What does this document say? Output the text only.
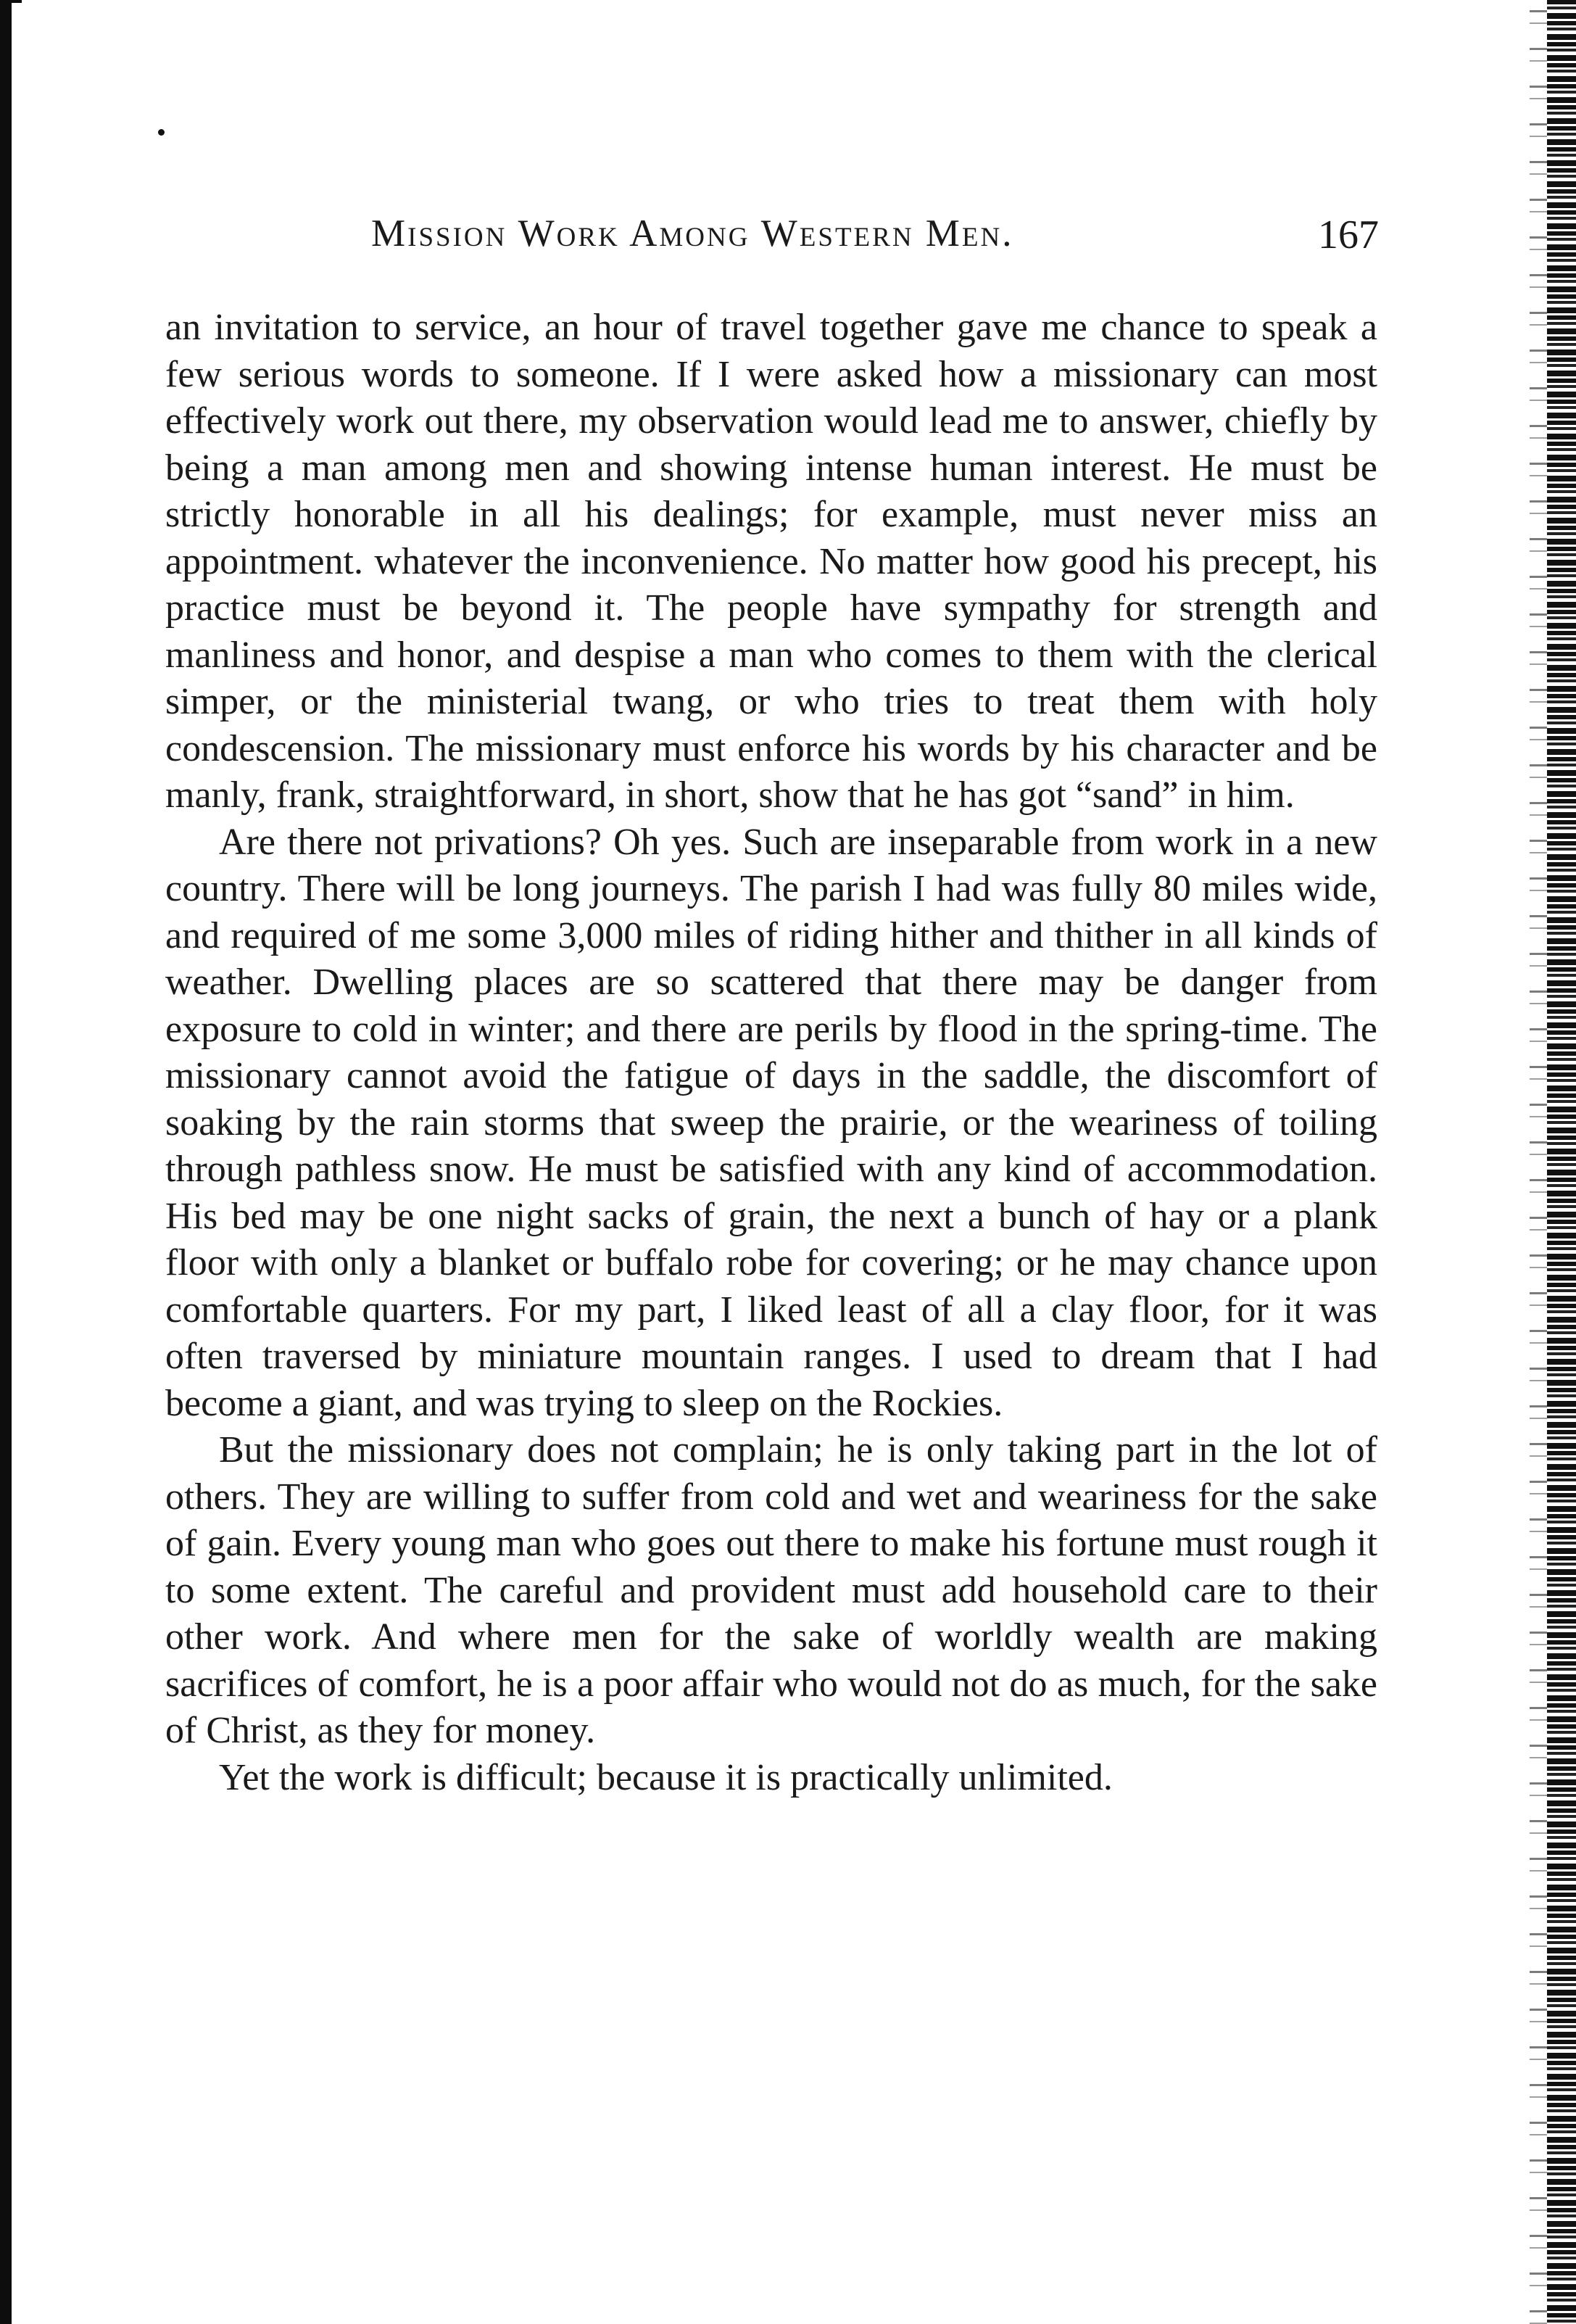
Mission Work Among Western Men.	167

an invitation to service, an hour of travel together gave me chance to speak a few serious words to someone. If I were asked how a missionary can most effectively work out there, my observation would lead me to answer, chiefly by being a man among men and showing intense human interest. He must be strictly honorable in all his dealings; for example, must never miss an appointment. whatever the inconvenience. No matter how good his precept, his practice must be beyond it. The people have sympathy for strength and manliness and honor, and despise a man who comes to them with the clerical simper, or the ministerial twang, or who tries to treat them with holy condescension. The missionary must enforce his words by his character and be manly, frank, straightforward, in short, show that he has got “sand” in him.

Are there not privations? Oh yes. Such are inseparable from work in a new country. There will be long journeys. The parish I had was fully 80 miles wide, and required of me some 3,000 miles of riding hither and thither in all kinds of weather. Dwelling places are so scattered that there may be danger from exposure to cold in winter; and there are perils by flood in the spring-time. The missionary cannot avoid the fatigue of days in the saddle, the discomfort of soaking by the rain storms that sweep the prairie, or the weariness of toiling through pathless snow. He must be satisfied with any kind of accommodation. His bed may be one night sacks of grain, the next a bunch of hay or a plank floor with only a blanket or buffalo robe for covering; or he may chance upon comfortable quarters. For my part, I liked least of all a clay floor, for it was often traversed by miniature mountain ranges. I used to dream that I had become a giant, and was trying to sleep on the Rockies.

But the missionary does not complain; he is only taking part in the lot of others. They are willing to suffer from cold and wet and weariness for the sake of gain. Every young man who goes out there to make his fortune must rough it to some extent. The careful and provident must add household care to their other work. And where men for the sake of worldly wealth are making sacrifices of comfort, he is a poor affair who would not do as much, for the sake of Christ, as they for money.

Yet the work is difficult; because it is practically unlimited.
